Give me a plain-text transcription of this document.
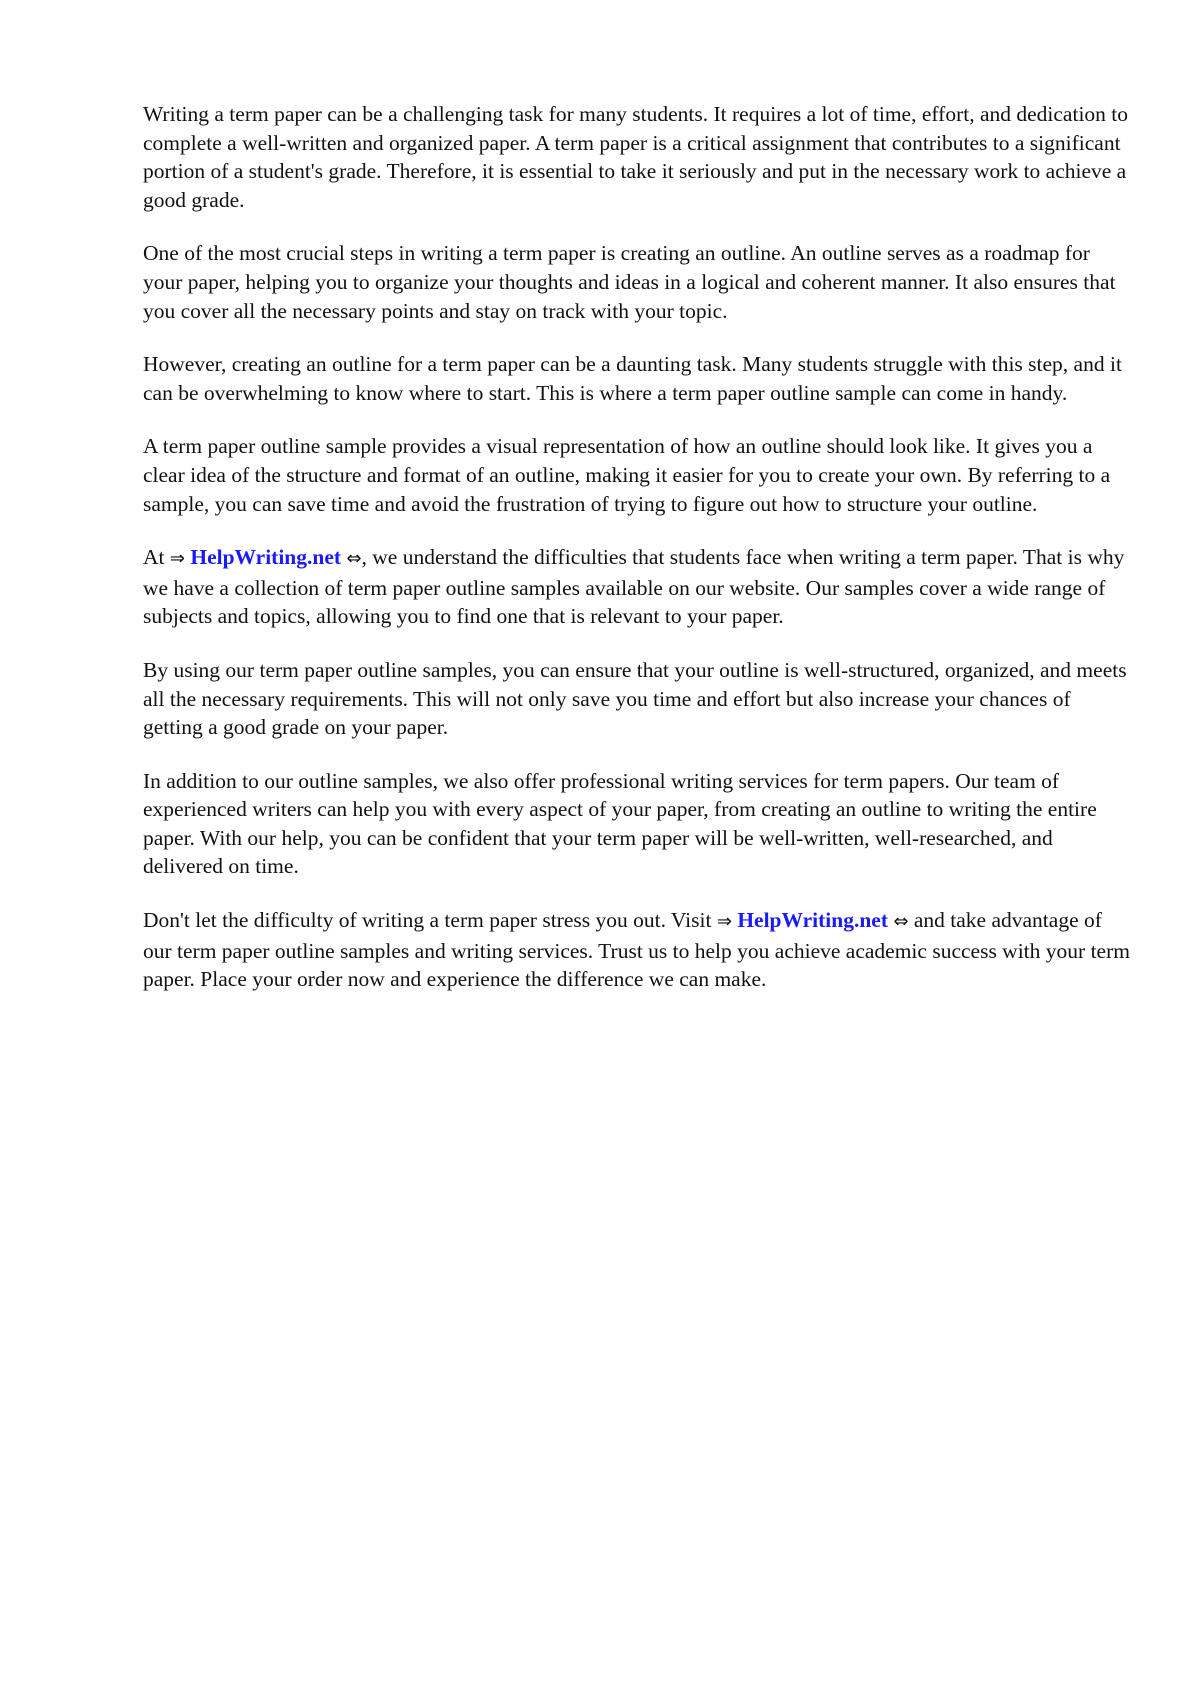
Writing a term paper can be a challenging task for many students. It requires a lot of time, effort, and dedication to complete a well-written and organized paper. A term paper is a critical assignment that contributes to a significant portion of a student's grade. Therefore, it is essential to take it seriously and put in the necessary work to achieve a good grade.

One of the most crucial steps in writing a term paper is creating an outline. An outline serves as a roadmap for your paper, helping you to organize your thoughts and ideas in a logical and coherent manner. It also ensures that you cover all the necessary points and stay on track with your topic.

However, creating an outline for a term paper can be a daunting task. Many students struggle with this step, and it can be overwhelming to know where to start. This is where a term paper outline sample can come in handy.

A term paper outline sample provides a visual representation of how an outline should look like. It gives you a clear idea of the structure and format of an outline, making it easier for you to create your own. By referring to a sample, you can save time and avoid the frustration of trying to figure out how to structure your outline.

At ⇒ HelpWriting.net ⇔, we understand the difficulties that students face when writing a term paper. That is why we have a collection of term paper outline samples available on our website. Our samples cover a wide range of subjects and topics, allowing you to find one that is relevant to your paper.

By using our term paper outline samples, you can ensure that your outline is well-structured, organized, and meets all the necessary requirements. This will not only save you time and effort but also increase your chances of getting a good grade on your paper.

In addition to our outline samples, we also offer professional writing services for term papers. Our team of experienced writers can help you with every aspect of your paper, from creating an outline to writing the entire paper. With our help, you can be confident that your term paper will be well-written, well-researched, and delivered on time.

Don't let the difficulty of writing a term paper stress you out. Visit ⇒ HelpWriting.net ⇔ and take advantage of our term paper outline samples and writing services. Trust us to help you achieve academic success with your term paper. Place your order now and experience the difference we can make.
